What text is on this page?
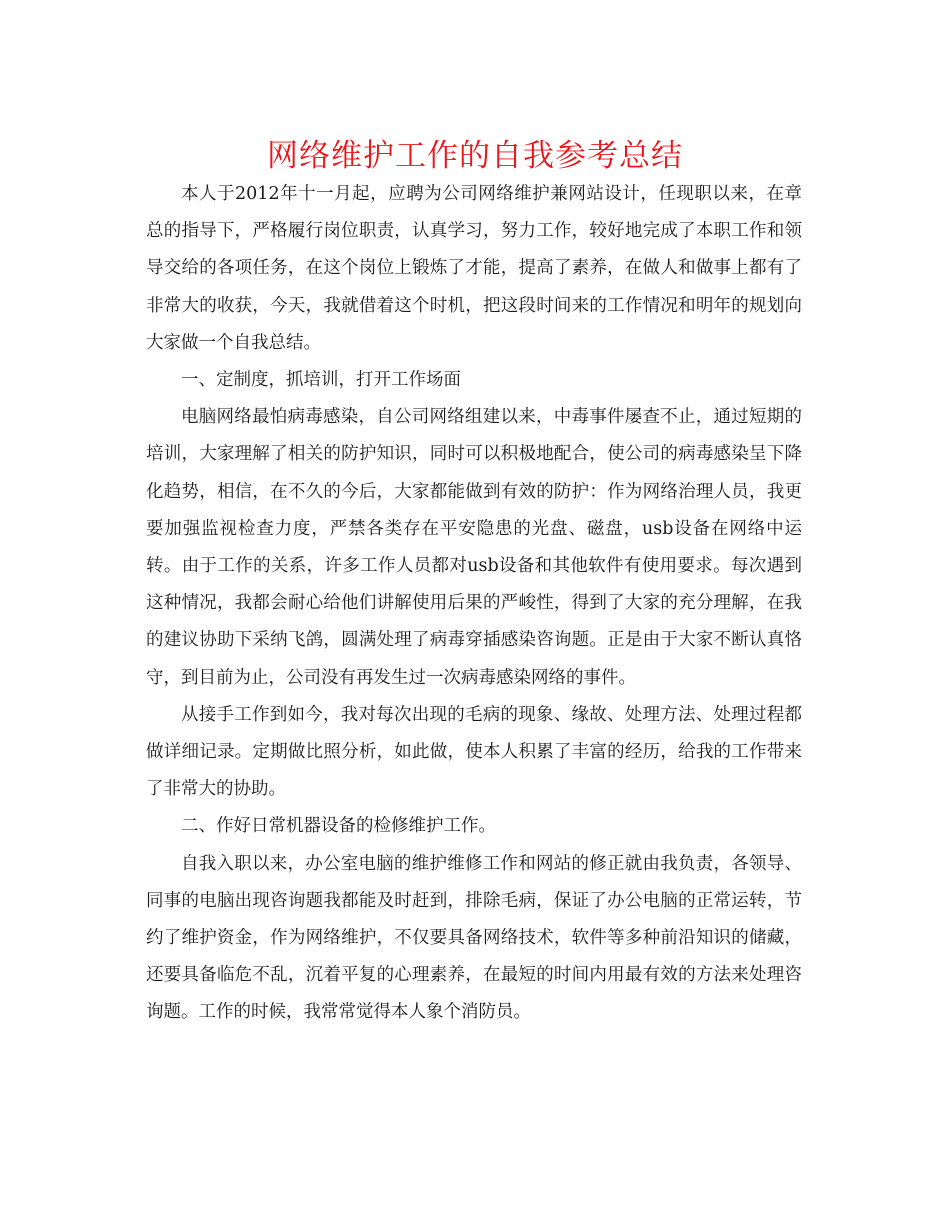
网络维护工作的自我参考总结

本人于2012年十一月起，应聘为公司网络维护兼网站设计，任现职以来，在章总的指导下，严格履行岗位职责，认真学习，努力工作，较好地完成了本职工作和领导交给的各项任务，在这个岗位上锻炼了才能，提高了素养，在做人和做事上都有了非常大的收获，今天，我就借着这个时机，把这段时间来的工作情况和明年的规划向大家做一个自我总结。

一、定制度，抓培训，打开工作场面

电脑网络最怕病毒感染，自公司网络组建以来，中毒事件屡查不止，通过短期的培训，大家理解了相关的防护知识，同时可以积极地配合，使公司的病毒感染呈下降化趋势，相信，在不久的今后，大家都能做到有效的防护：作为网络治理人员，我更要加强监视检查力度，严禁各类存在平安隐患的光盘、磁盘，usb设备在网络中运转。由于工作的关系，许多工作人员都对usb设备和其他软件有使用要求。每次遇到这种情况，我都会耐心给他们讲解使用后果的严峻性，得到了大家的充分理解，在我的建议协助下采纳飞鸽，圆满处理了病毒穿插感染咨询题。正是由于大家不断认真恪守，到目前为止，公司没有再发生过一次病毒感染网络的事件。

从接手工作到如今，我对每次出现的毛病的现象、缘故、处理方法、处理过程都做详细记录。定期做比照分析，如此做，使本人积累了丰富的经历，给我的工作带来了非常大的协助。

二、作好日常机器设备的检修维护工作。

自我入职以来，办公室电脑的维护维修工作和网站的修正就由我负责，各领导、同事的电脑出现咨询题我都能及时赶到，排除毛病，保证了办公电脑的正常运转，节约了维护资金，作为网络维护，不仅要具备网络技术，软件等多种前沿知识的储藏，还要具备临危不乱，沉着平复的心理素养，在最短的时间内用最有效的方法来处理咨询题。工作的时候，我常常觉得本人象个消防员。
